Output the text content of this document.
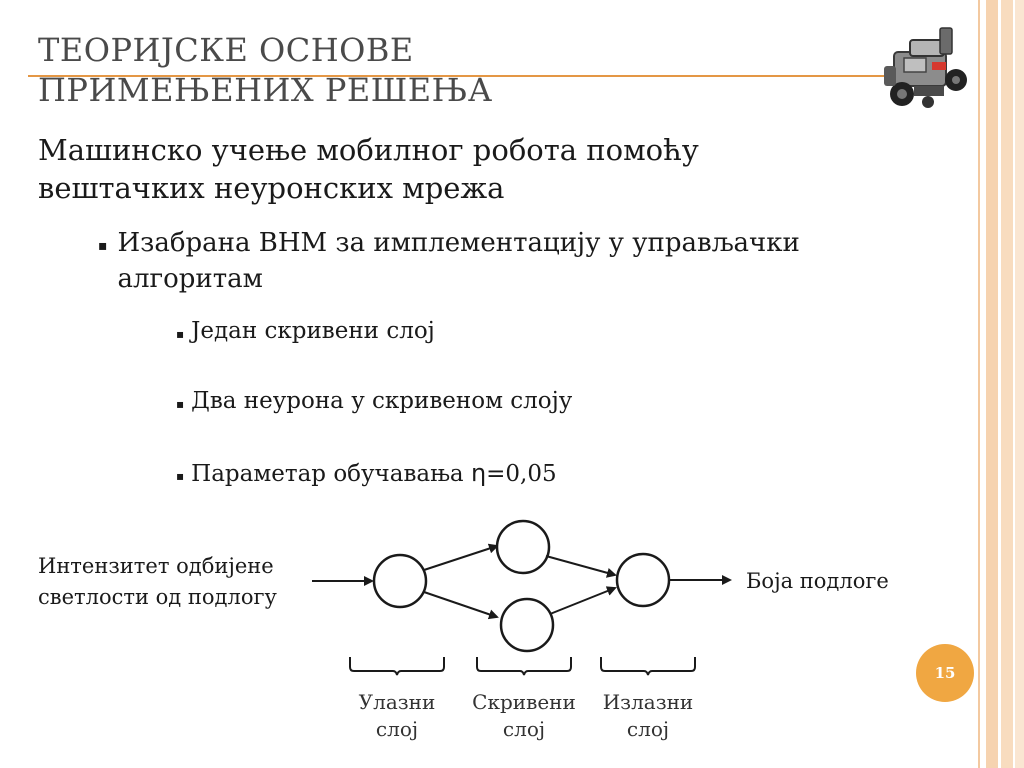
ТЕОРИЈСКЕ ОСНОВЕ
ПРИМЕЊЕНИХ РЕШЕЊА
Машинско учење мобилног робота помоћу вештачких неуронских мрежа
▪ Изабрана ВНМ за имплементацију у управљачки алгоритам
▪ Један скривени слој
▪ Два неурона у скривеном слоју
▪ Параметар обучавања η=0,05
Интензитет одбијене светлости од подлогу
Боја подлоге
Улазни
слој
Скривени
слој
Излазни
слој
15
